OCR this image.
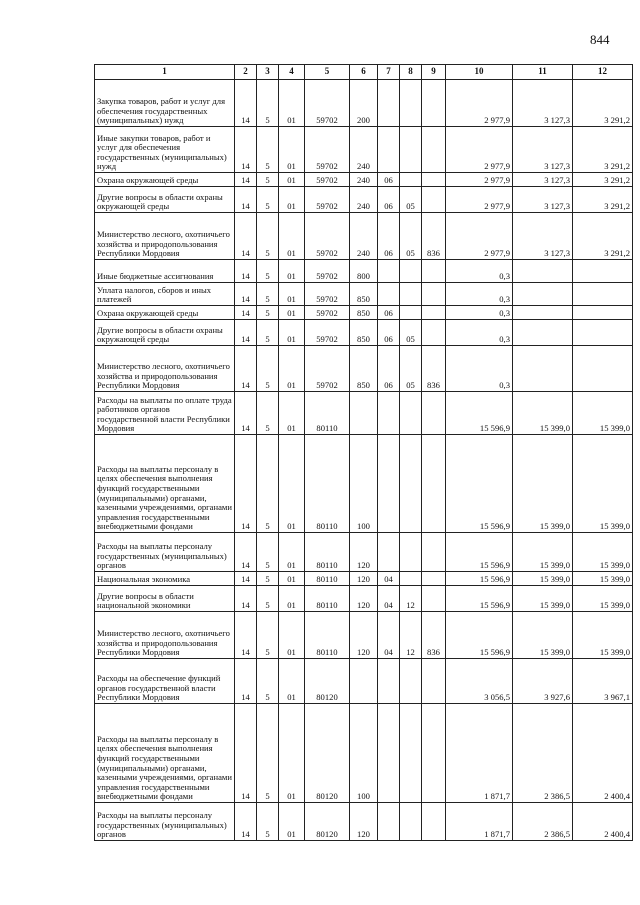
844
1	2	3	4	5	6	7	8	9	10	11	12
Закупка товаров, работ и услуг для обеспечения государственных (муниципальных) нужд	14	5	01	59702	200				2 977,9	3 127,3	3 291,2
Иные закупки товаров, работ и услуг для обеспечения государственных (муниципальных) нужд	14	5	01	59702	240				2 977,9	3 127,3	3 291,2
Охрана окружающей среды	14	5	01	59702	240	06			2 977,9	3 127,3	3 291,2
Другие вопросы в области охраны окружающей среды	14	5	01	59702	240	06	05		2 977,9	3 127,3	3 291,2
Министерство лесного, охотничьего хозяйства и природопользования Республики Мордовия	14	5	01	59702	240	06	05	836	2 977,9	3 127,3	3 291,2
Иные бюджетные ассигнования	14	5	01	59702	800				0,3		
Уплата налогов, сборов и иных платежей	14	5	01	59702	850				0,3		
Охрана окружающей среды	14	5	01	59702	850	06			0,3		
Другие вопросы в области охраны окружающей среды	14	5	01	59702	850	06	05		0,3		
Министерство лесного, охотничьего хозяйства и природопользования Республики Мордовия	14	5	01	59702	850	06	05	836	0,3		
Расходы на выплаты по оплате труда работников органов государственной власти Республики Мордовия	14	5	01	80110					15 596,9	15 399,0	15 399,0
Расходы на выплаты персоналу в целях обеспечения выполнения функций государственными (муниципальными) органами, казенными учреждениями, органами управления государственными внебюджетными фондами	14	5	01	80110	100				15 596,9	15 399,0	15 399,0
Расходы на выплаты персоналу государственных (муниципальных) органов	14	5	01	80110	120				15 596,9	15 399,0	15 399,0
Национальная экономика	14	5	01	80110	120	04			15 596,9	15 399,0	15 399,0
Другие вопросы в области национальной экономики	14	5	01	80110	120	04	12		15 596,9	15 399,0	15 399,0
Министерство лесного, охотничьего хозяйства и природопользования Республики Мордовия	14	5	01	80110	120	04	12	836	15 596,9	15 399,0	15 399,0
Расходы на обеспечение функций органов государственной власти Республики Мордовия	14	5	01	80120					3 056,5	3 927,6	3 967,1
Расходы на выплаты персоналу в целях обеспечения выполнения функций государственными (муниципальными) органами, казенными учреждениями, органами управления государственными внебюджетными фондами	14	5	01	80120	100				1 871,7	2 386,5	2 400,4
Расходы на выплаты персоналу государственных (муниципальных) органов	14	5	01	80120	120				1 871,7	2 386,5	2 400,4
